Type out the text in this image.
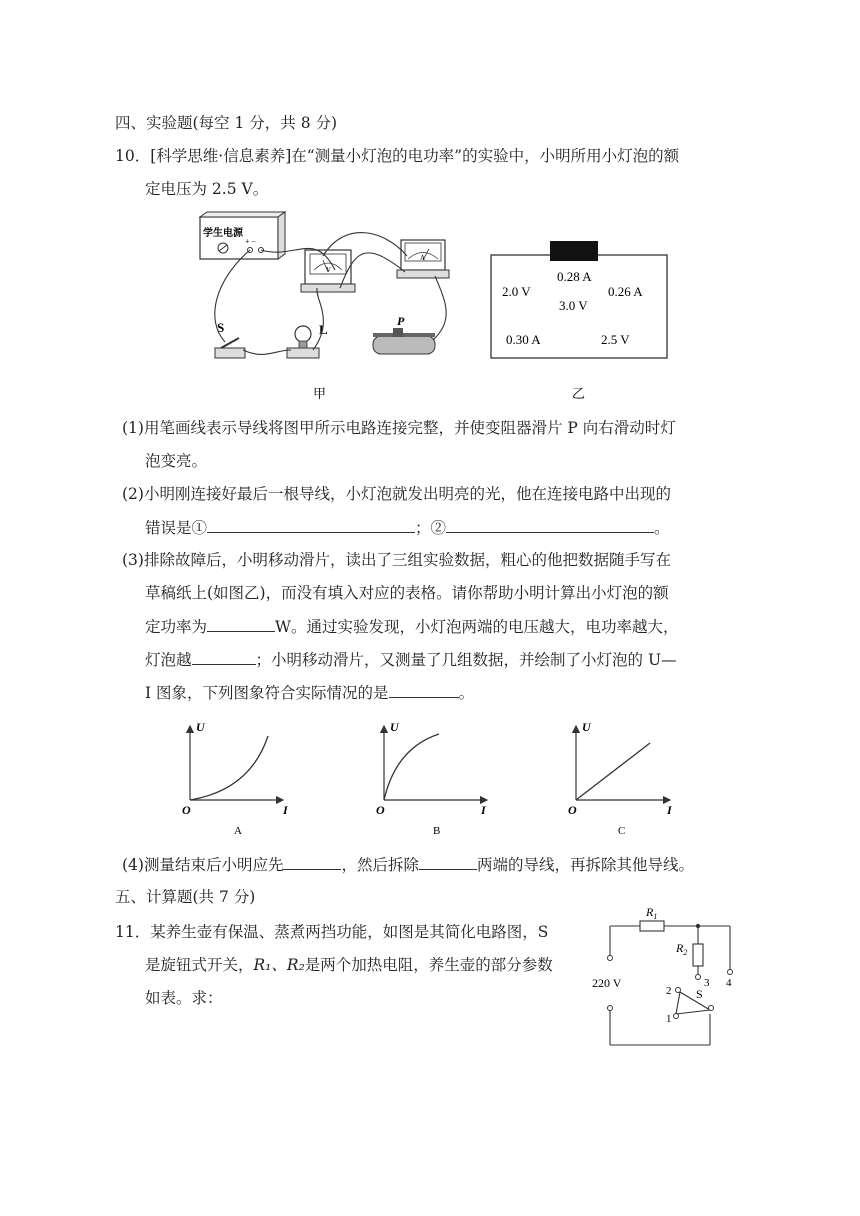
四、实验题(每空 1 分，共 8 分)
10．[科学思维·信息素养]在“测量小灯泡的电功率”的实验中，小明所用小灯泡的额
定电压为 2.5 V。
学生电源
+ −
V
A
S	L
P
甲
0.28 A
2.0 V
3.0 V
0.26 A
0.30 A	2.5 V
乙
(1)用笔画线表示导线将图甲所示电路连接完整，并使变阻器滑片 P 向右滑动时灯
泡变亮。
(2)小明刚连接好最后一根导线，小灯泡就发出明亮的光，他在连接电路中出现的
错误是①	；②	。
(3)排除故障后，小明移动滑片，读出了三组实验数据，粗心的他把数据随手写在
草稿纸上(如图乙)，而没有填入对应的表格。请你帮助小明计算出小灯泡的额
定功率为	W。通过实验发现，小灯泡两端的电压越大，电功率越大，
灯泡越	；小明移动滑片，又测量了几组数据，并绘制了小灯泡的 U—
I 图象，下列图象符合实际情况的是	。
U
O	I
A
U
O	I
B
U
O	I
C
(4)测量结束后小明应先	，然后拆除	两端的导线，再拆除其他导线。
五、计算题(共 7 分)
11．某养生壶有保温、蒸煮两挡功能，如图是其简化电路图，S
是旋钮式开关，R₁、R₂是两个加热电阻，养生壶的部分参数
如表。求：
$R_1$
$R_2$
220 V
S
1
2
3 4
